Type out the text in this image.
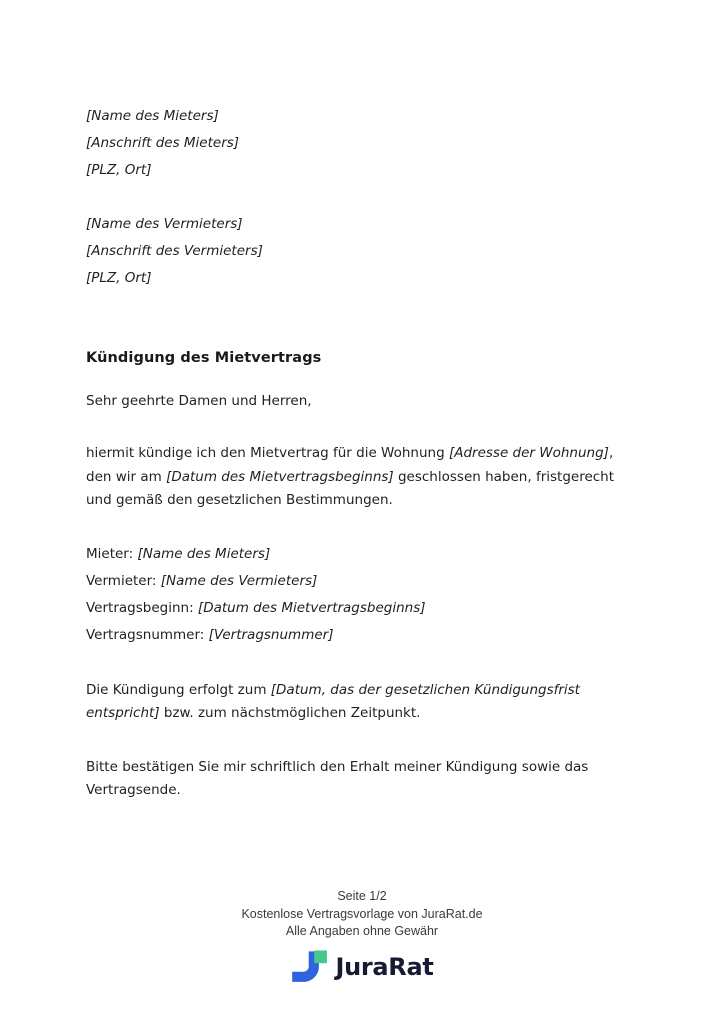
[Name des Mieters]
[Anschrift des Mieters]
[PLZ, Ort]
[Name des Vermieters]
[Anschrift des Vermieters]
[PLZ, Ort]
Kündigung des Mietvertrags
Sehr geehrte Damen und Herren,

hiermit kündige ich den Mietvertrag für die Wohnung [Adresse der Wohnung], den wir am [Datum des Mietvertragsbeginns] geschlossen haben, fristgerecht und gemäß den gesetzlichen Bestimmungen.

Mieter: [Name des Mieters]
Vermieter: [Name des Vermieters]
Vertragsbeginn: [Datum des Mietvertragsbeginns]
Vertragsnummer: [Vertragsnummer]

Die Kündigung erfolgt zum [Datum, das der gesetzlichen Kündigungsfrist entspricht] bzw. zum nächstmöglichen Zeitpunkt.

Bitte bestätigen Sie mir schriftlich den Erhalt meiner Kündigung sowie das Vertragsende.

Seite 1/2
Kostenlose Vertragsvorlage von JuraRat.de
Alle Angaben ohne Gewähr
JuraRat
